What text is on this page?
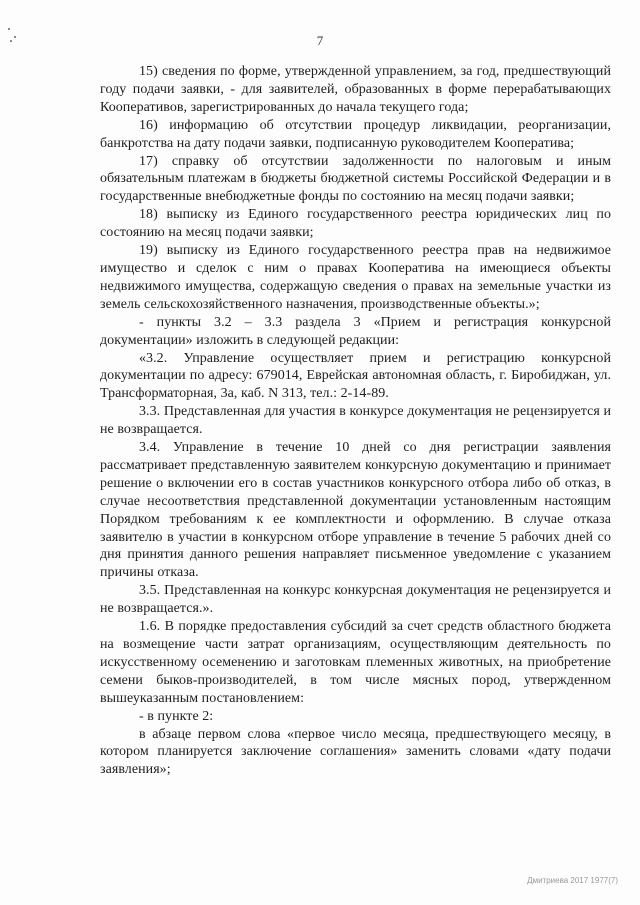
7

15) сведения по форме, утвержденной управлением, за год, предшествующий году подачи заявки, - для заявителей, образованных в форме перерабатывающих Кооперативов, зарегистрированных до начала текущего года;

16) информацию об отсутствии процедур ликвидации, реорганизации, банкротства на дату подачи заявки, подписанную руководителем Кооператива;

17) справку об отсутствии задолженности по налоговым и иным обязательным платежам в бюджеты бюджетной системы Российской Федерации и в государственные внебюджетные фонды по состоянию на месяц подачи заявки;

18) выписку из Единого государственного реестра юридических лиц по состоянию на месяц подачи заявки;

19) выписку из Единого государственного реестра прав на недвижимое имущество и сделок с ним о правах Кооператива на имеющиеся объекты недвижимого имущества, содержащую сведения о правах на земельные участки из земель сельскохозяйственного назначения, производственные объекты.»;

- пункты 3.2 – 3.3 раздела 3 «Прием и регистрация конкурсной документации» изложить в следующей редакции:

«3.2. Управление осуществляет прием и регистрацию конкурсной документации по адресу: 679014, Еврейская автономная область, г. Биробиджан, ул. Трансформаторная, 3а, каб. N 313, тел.: 2-14-89.

3.3. Представленная для участия в конкурсе документация не рецензируется и не возвращается.

3.4. Управление в течение 10 дней со дня регистрации заявления рассматривает представленную заявителем конкурсную документацию и принимает решение о включении его в состав участников конкурсного отбора либо об отказ, в случае несоответствия представленной документации установленным настоящим Порядком требованиям к ее комплектности и оформлению. В случае отказа заявителю в участии в конкурсном отборе управление в течение 5 рабочих дней со дня принятия данного решения направляет письменное уведомление с указанием причины отказа.

3.5. Представленная на конкурс конкурсная документация не рецензируется и не возвращается.».

1.6. В порядке предоставления субсидий за счет средств областного бюджета на возмещение части затрат организациям, осуществляющим деятельность по искусственному осеменению и заготовкам племенных животных, на приобретение семени быков-производителей, в том числе мясных пород, утвержденном вышеуказанным постановлением:

- в пункте 2:

в абзаце первом слова «первое число месяца, предшествующего месяцу, в котором планируется заключение соглашения» заменить словами «дату подачи заявления»;

Дмитриева 2017 1977(7)
